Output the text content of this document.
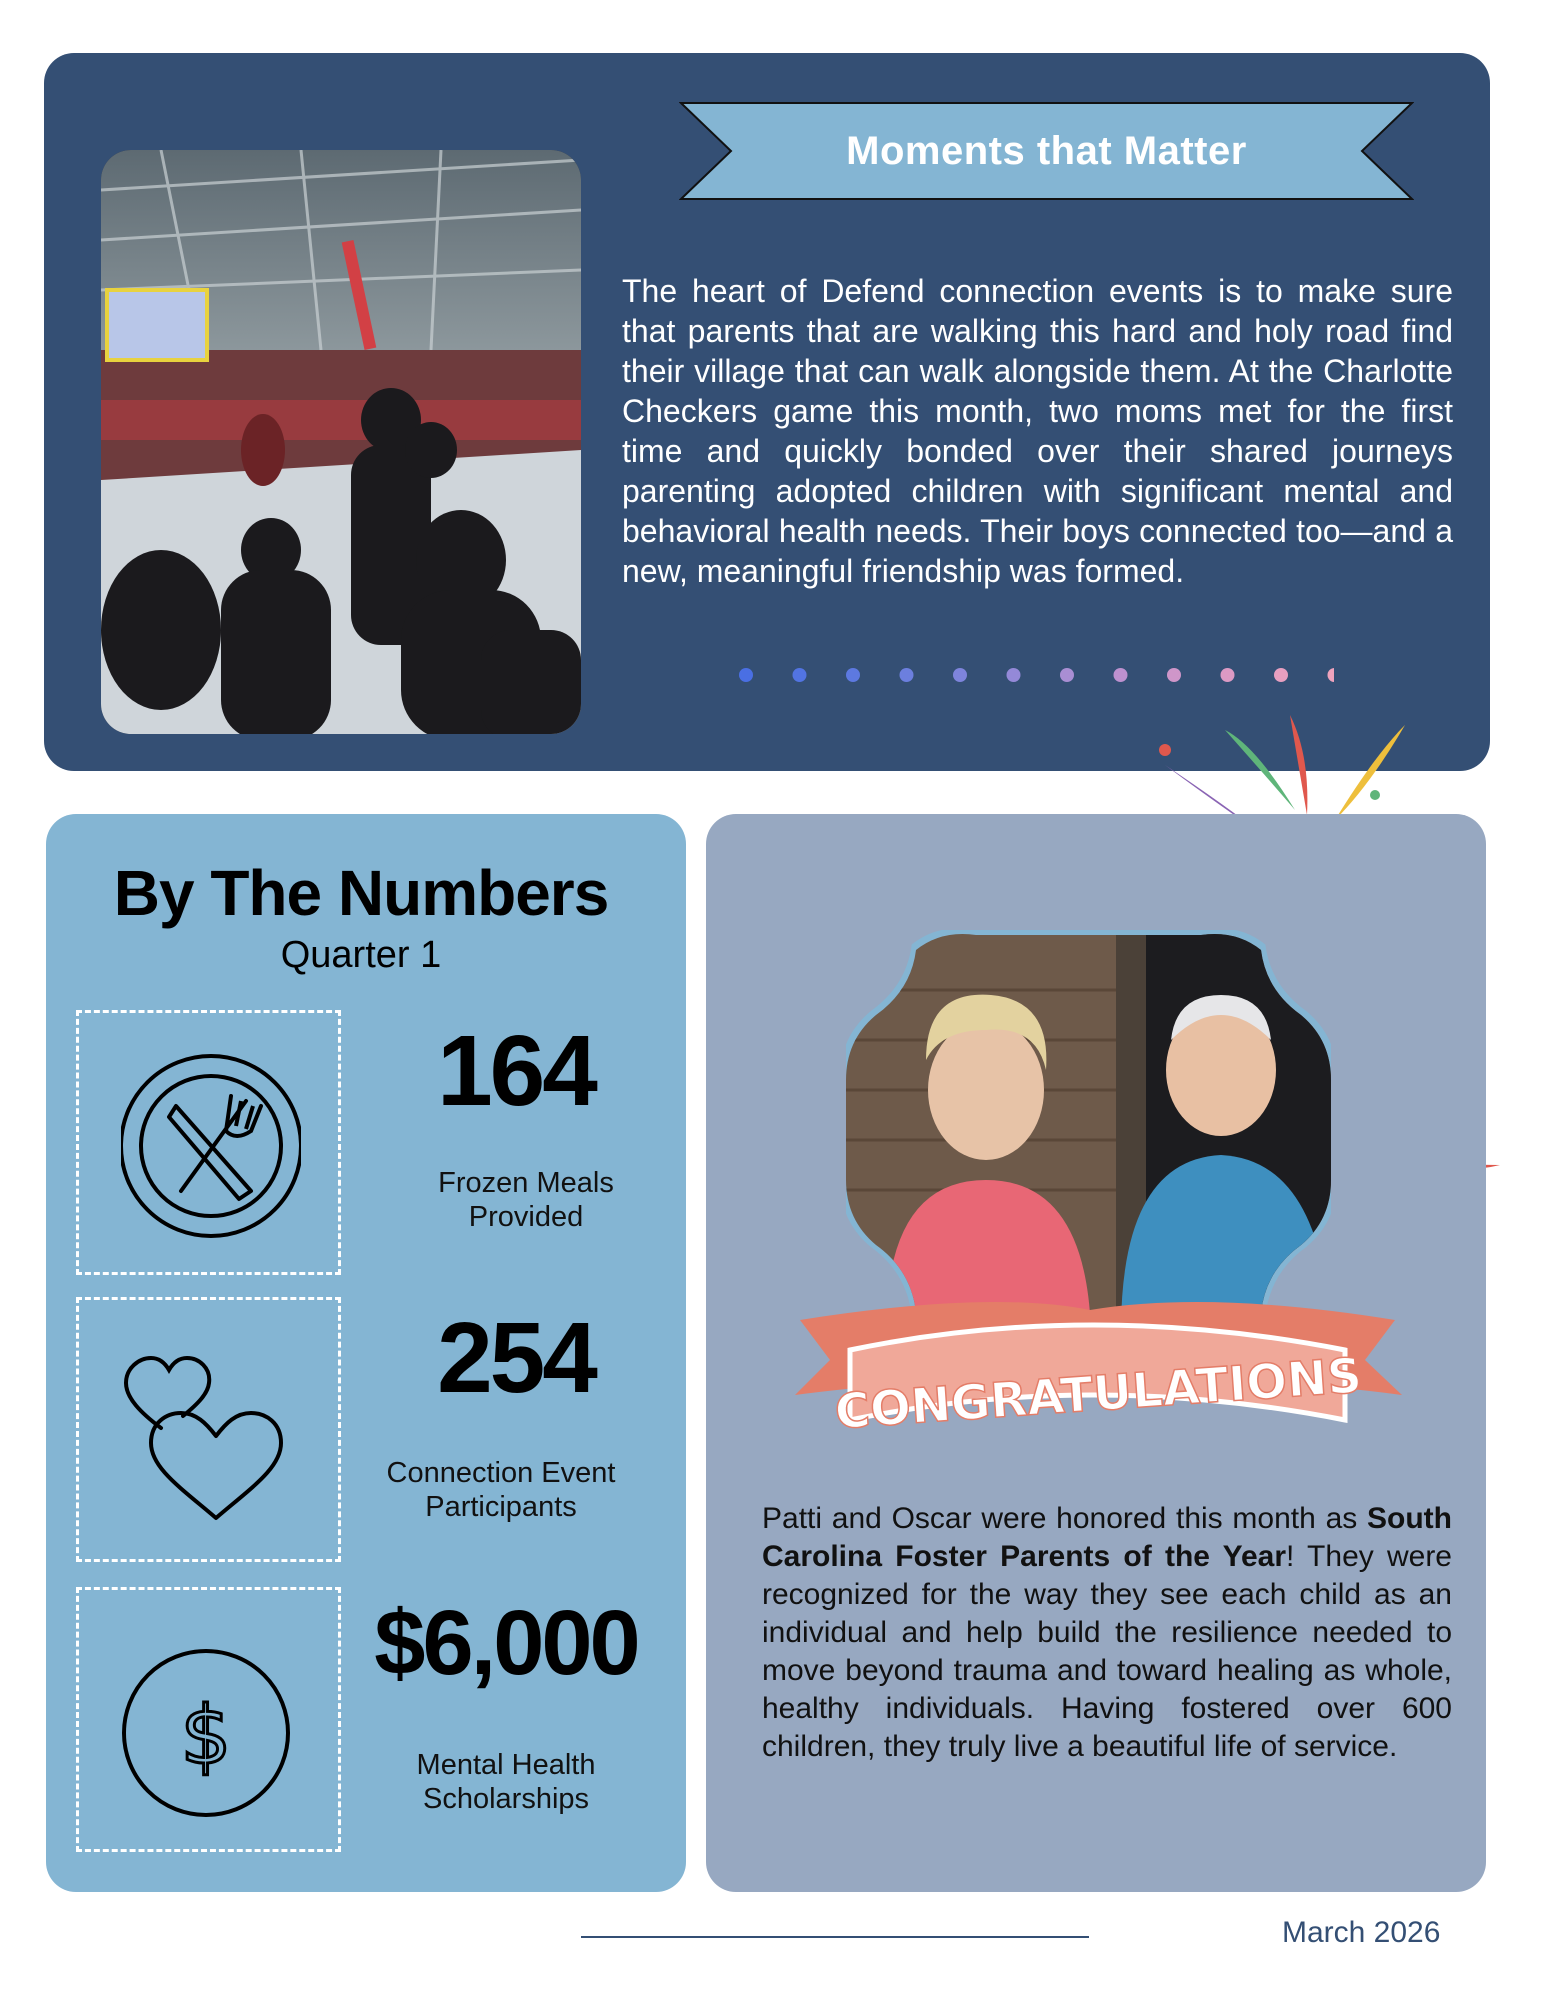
Moments that Matter
The heart of Defend connection events is to make sure that parents that are walking this hard and holy road find their village that can walk alongside them. At the Charlotte Checkers game this month, two moms met for the first time and quickly bonded over their shared journeys parenting adopted children with significant mental and behavioral health needs. Their boys connected too—and a new, meaningful friendship was formed.
By The Numbers
Quarter 1
164
Frozen Meals
Provided
254
Connection Event
Participants
$
$6,000
Mental Health
Scholarships
CONGRATULATIONS
Patti and Oscar were honored this month as South Carolina Foster Parents of the Year! They were recognized for the way they see each child as an individual and help build the resilience needed to move beyond trauma and toward healing as whole, healthy individuals. Having fostered over 600 children, they truly live a beautiful life of service.
March 2026
